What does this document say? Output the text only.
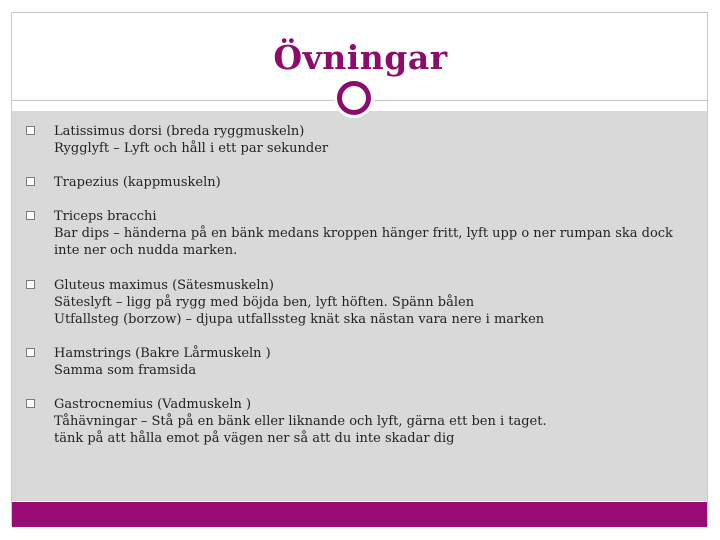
Övningar
Latissimus dorsi (breda ryggmuskeln)
Rygglyft – Lyft och håll i ett par sekunder
Trapezius (kappmuskeln)
Triceps bracchi
Bar dips – händerna på en bänk medans kroppen hänger fritt, lyft upp o ner rumpan ska dock inte ner och nudda marken.
Gluteus maximus (Sätesmuskeln)
Säteslyft – ligg på rygg med böjda ben, lyft höften. Spänn bålen
Utfallsteg (borzow) – djupa utfallssteg knät ska nästan vara nere i marken
Hamstrings (Bakre Lårmuskeln )
Samma som framsida
Gastrocnemius (Vadmuskeln )
Tåhävningar – Stå på en bänk eller liknande och lyft, gärna ett ben i taget.
tänk på att hålla emot på vägen ner så att du inte skadar dig
